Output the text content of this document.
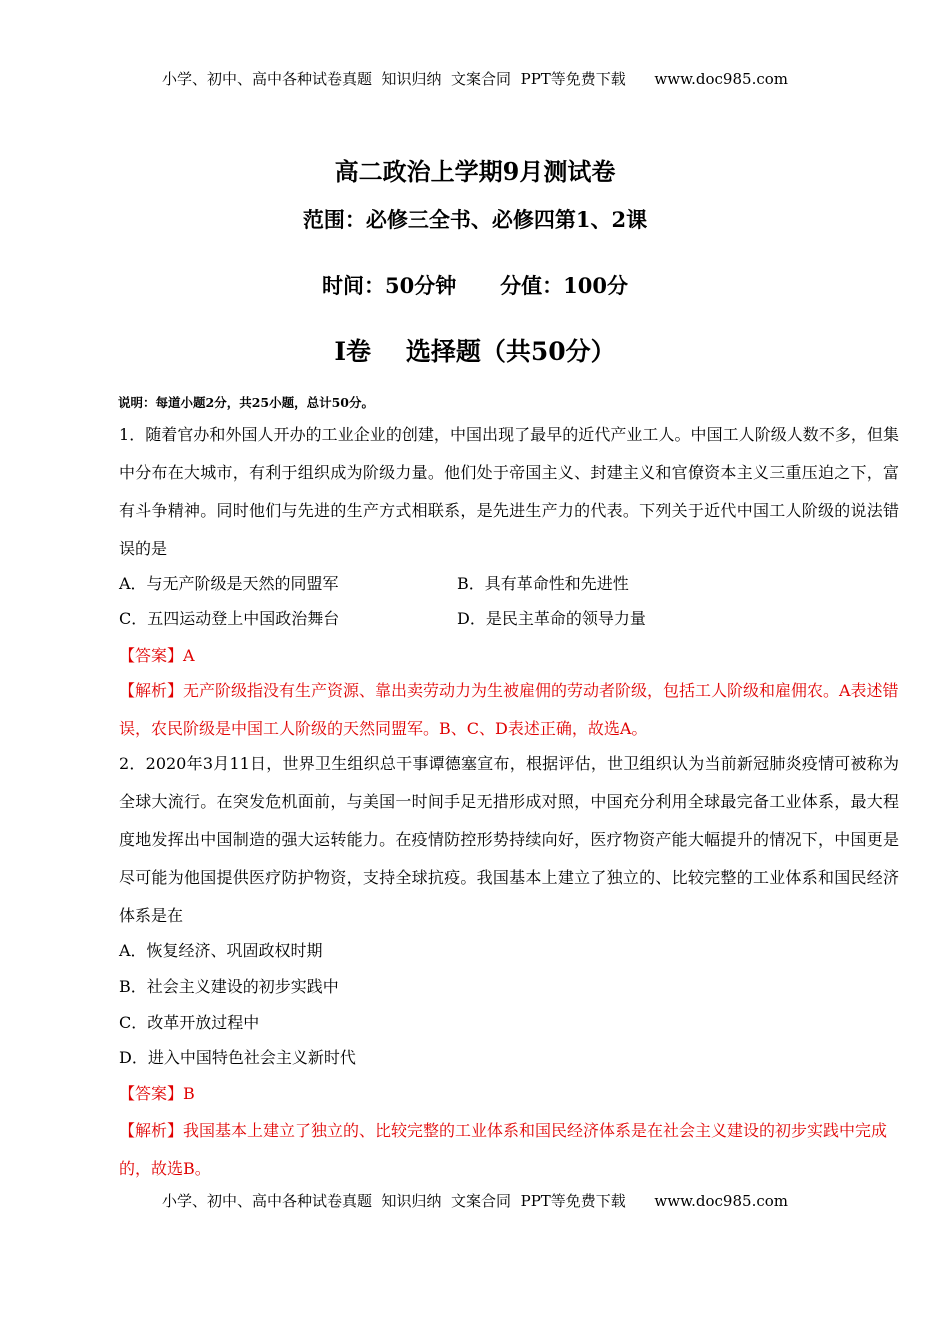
小学、初中、高中各种试卷真题  知识归纳  文案合同  PPT等免费下载      www.doc985.com
高二政治上学期9月测试卷
范围：必修三全书、必修四第1、2课
时间：50分钟      分值：100分
Ⅰ卷    选择题（共50分）
说明：每道小题2分，共25小题，总计50分。
1．随着官办和外国人开办的工业企业的创建，中国出现了最早的近代产业工人。中国工人阶级人数不多，但集中分布在大城市，有利于组织成为阶级力量。他们处于帝国主义、封建主义和官僚资本主义三重压迫之下，富有斗争精神。同时他们与先进的生产方式相联系，是先进生产力的代表。下列关于近代中国工人阶级的说法错误的是
A．与无产阶级是天然的同盟军	B．具有革命性和先进性
C．五四运动登上中国政治舞台	D．是民主革命的领导力量
【答案】A
【解析】无产阶级指没有生产资源、靠出卖劳动力为生被雇佣的劳动者阶级，包括工人阶级和雇佣农。A表述错误，农民阶级是中国工人阶级的天然同盟军。B、C、D表述正确，故选A。
2．2020年3月11日，世界卫生组织总干事谭德塞宣布，根据评估，世卫组织认为当前新冠肺炎疫情可被称为全球大流行。在突发危机面前，与美国一时间手足无措形成对照，中国充分利用全球最完备工业体系，最大程度地发挥出中国制造的强大运转能力。在疫情防控形势持续向好，医疗物资产能大幅提升的情况下，中国更是尽可能为他国提供医疗防护物资，支持全球抗疫。我国基本上建立了独立的、比较完整的工业体系和国民经济体系是在
A．恢复经济、巩固政权时期
B．社会主义建设的初步实践中
C．改革开放过程中
D．进入中国特色社会主义新时代
【答案】B
【解析】我国基本上建立了独立的、比较完整的工业体系和国民经济体系是在社会主义建设的初步实践中完成的，故选B。
小学、初中、高中各种试卷真题  知识归纳  文案合同  PPT等免费下载      www.doc985.com
